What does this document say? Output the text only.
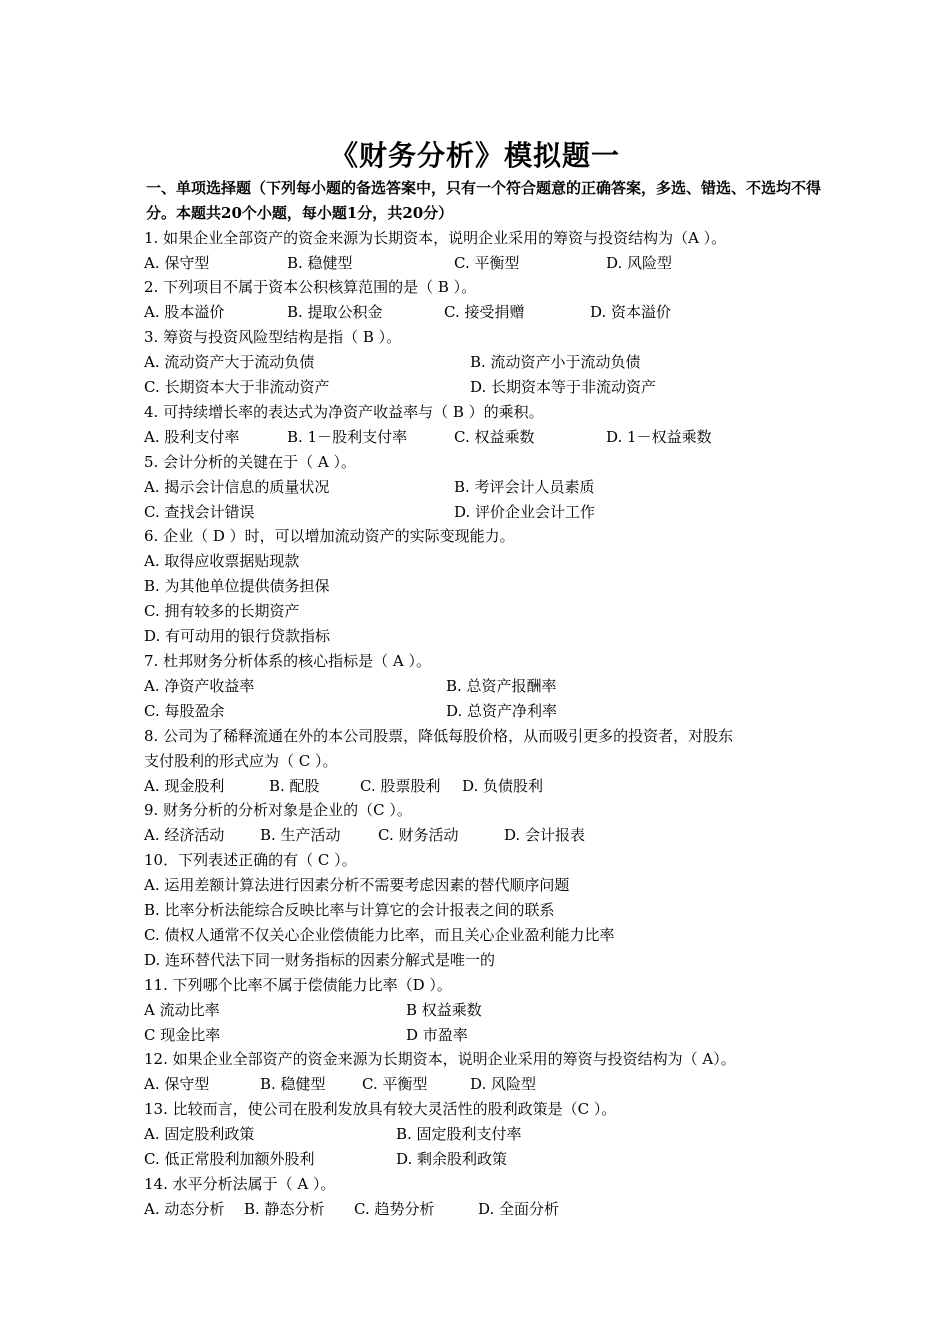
《财务分析》模拟题一
一、单项选择题（下列每小题的备选答案中，只有一个符合题意的正确答案，多选、错选、不选均不得分。本题共20个小题，每小题1分，共20分）
1. 如果企业全部资产的资金来源为长期资本，说明企业采用的筹资与投资结构为（A ）。
A. 保守型	B. 稳健型	C. 平衡型	D. 风险型
2. 下列项目不属于资本公积核算范围的是（ B ）。
A. 股本溢价	B. 提取公积金	C. 接受捐赠	D. 资本溢价
3. 筹资与投资风险型结构是指（ B ）。
A. 流动资产大于流动负债	B. 流动资产小于流动负债
C. 长期资本大于非流动资产	D. 长期资本等于非流动资产
4. 可持续增长率的表达式为净资产收益率与（ B ）的乘积。
A. 股利支付率	B. 1－股利支付率	C. 权益乘数	D. 1－权益乘数
5. 会计分析的关键在于（ A ）。
A. 揭示会计信息的质量状况	B. 考评会计人员素质
C. 查找会计错误	D. 评价企业会计工作
6. 企业（ D ）时，可以增加流动资产的实际变现能力。
A. 取得应收票据贴现款
B. 为其他单位提供债务担保
C. 拥有较多的长期资产
D. 有可动用的银行贷款指标
7. 杜邦财务分析体系的核心指标是（ A ）。
A. 净资产收益率	B. 总资产报酬率
C. 每股盈余	D. 总资产净利率
8. 公司为了稀释流通在外的本公司股票，降低每股价格，从而吸引更多的投资者，对股东
支付股利的形式应为（ C ）。
A. 现金股利	B. 配股	C. 股票股利 D. 负债股利
9. 财务分析的分析对象是企业的（C ）。
A. 经济活动 B. 生产活动 C. 财务活动	D. 会计报表
10．下列表述正确的有（ C ）。
A. 运用差额计算法进行因素分析不需要考虑因素的替代顺序问题
B. 比率分析法能综合反映比率与计算它的会计报表之间的联系
C. 债权人通常不仅关心企业偿债能力比率，而且关心企业盈利能力比率
D. 连环替代法下同一财务指标的因素分解式是唯一的
11. 下列哪个比率不属于偿债能力比率（D ）。
A 流动比率	B 权益乘数
C 现金比率	D 市盈率
12. 如果企业全部资产的资金来源为长期资本，说明企业采用的筹资与投资结构为（ A）。
A. 保守型	B. 稳健型 C. 平衡型	D. 风险型
13. 比较而言，使公司在股利发放具有较大灵活性的股利政策是（C ）。
A. 固定股利政策	B. 固定股利支付率
C. 低正常股利加额外股利	D. 剩余股利政策
14. 水平分析法属于（ A ）。
A. 动态分析 B. 静态分析 C. 趋势分析	D. 全面分析
